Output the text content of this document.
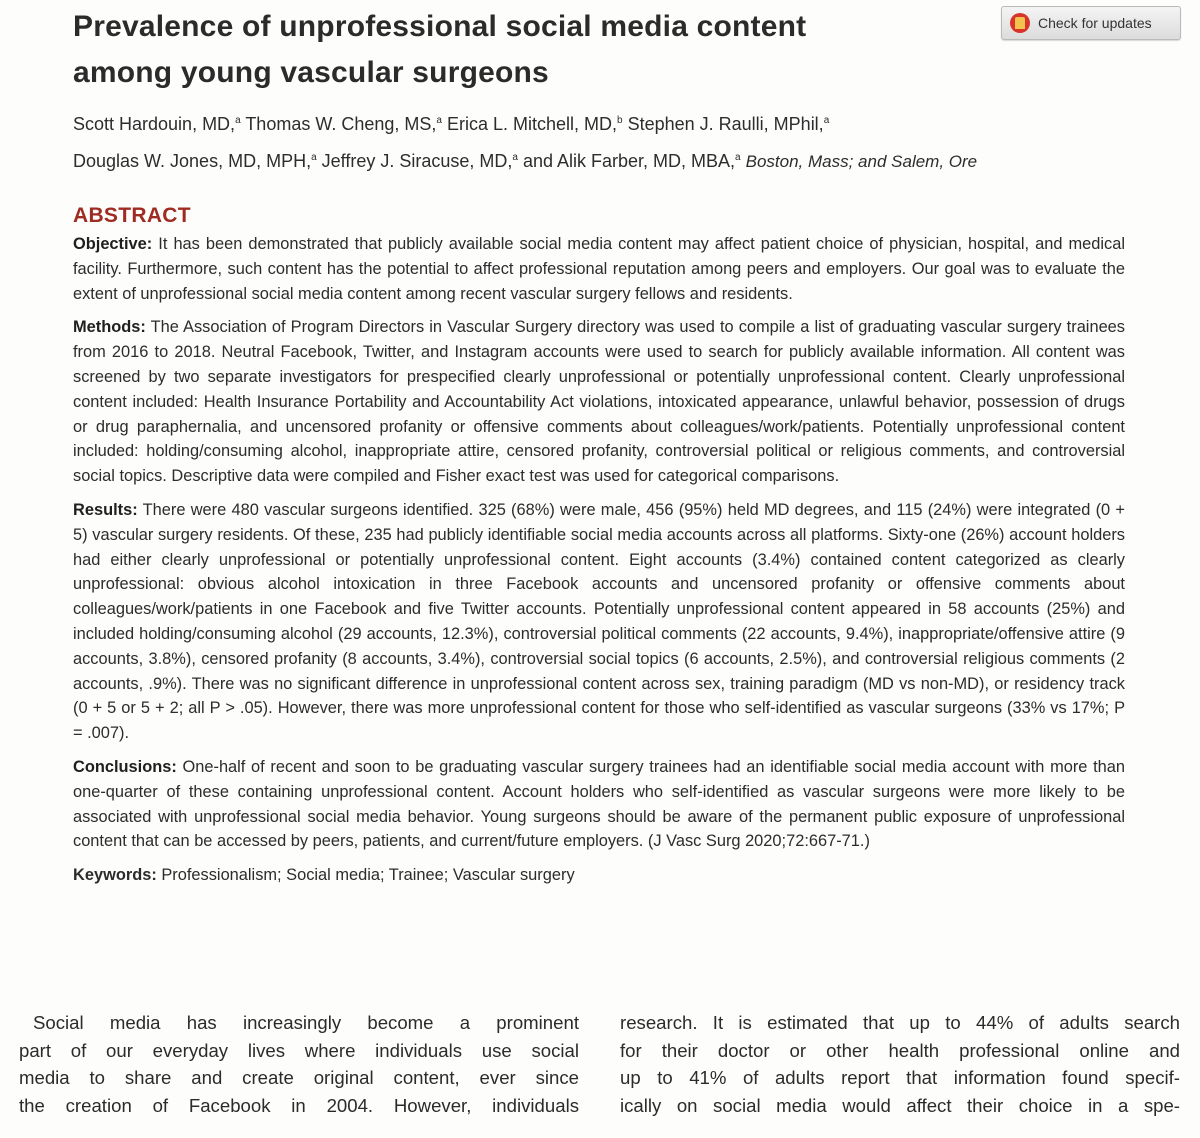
Prevalence of unprofessional social media content
among young vascular surgeons
Check for updates
Scott Hardouin, MD,$^a$ Thomas W. Cheng, MS,$^a$ Erica L. Mitchell, MD,$^b$ Stephen J. Raulli, MPhil,$^a$
Douglas W. Jones, MD, MPH,$^a$ Jeffrey J. Siracuse, MD,$^a$ and Alik Farber, MD, MBA,$^a$ Boston, Mass; and Salem, Ore
ABSTRACT

Objective: It has been demonstrated that publicly available social media content may affect patient choice of physician, hospital, and medical facility. Furthermore, such content has the potential to affect professional reputation among peers and employers. Our goal was to evaluate the extent of unprofessional social media content among recent vascular surgery fellows and residents.

Methods: The Association of Program Directors in Vascular Surgery directory was used to compile a list of graduating vascular surgery trainees from 2016 to 2018. Neutral Facebook, Twitter, and Instagram accounts were used to search for publicly available information. All content was screened by two separate investigators for prespecified clearly unprofessional or potentially unprofessional content. Clearly unprofessional content included: Health Insurance Portability and Accountability Act violations, intoxicated appearance, unlawful behavior, possession of drugs or drug paraphernalia, and uncensored profanity or offensive comments about colleagues/work/patients. Potentially unprofessional content included: holding/consuming alcohol, inappropriate attire, censored profanity, controversial political or religious comments, and controversial social topics. Descriptive data were compiled and Fisher exact test was used for categorical comparisons.

Results: There were 480 vascular surgeons identified. 325 (68%) were male, 456 (95%) held MD degrees, and 115 (24%) were integrated (0 + 5) vascular surgery residents. Of these, 235 had publicly identifiable social media accounts across all platforms. Sixty-one (26%) account holders had either clearly unprofessional or potentially unprofessional content. Eight accounts (3.4%) contained content categorized as clearly unprofessional: obvious alcohol intoxication in three Facebook accounts and uncensored profanity or offensive comments about colleagues/work/patients in one Facebook and five Twitter accounts. Potentially unprofessional content appeared in 58 accounts (25%) and included holding/consuming alcohol (29 accounts, 12.3%), controversial political comments (22 accounts, 9.4%), inappropriate/offensive attire (9 accounts, 3.8%), censored profanity (8 accounts, 3.4%), controversial social topics (6 accounts, 2.5%), and controversial religious comments (2 accounts, .9%). There was no significant difference in unprofessional content across sex, training paradigm (MD vs non-MD), or residency track (0 + 5 or 5 + 2; all P > .05). However, there was more unprofessional content for those who self-identified as vascular surgeons (33% vs 17%; P = .007).

Conclusions: One-half of recent and soon to be graduating vascular surgery trainees had an identifiable social media account with more than one-quarter of these containing unprofessional content. Account holders who self-identified as vascular surgeons were more likely to be associated with unprofessional social media behavior. Young surgeons should be aware of the permanent public exposure of unprofessional content that can be accessed by peers, patients, and current/future employers. (J Vasc Surg 2020;72:667-71.)

Keywords: Professionalism; Social media; Trainee; Vascular surgery

Social media has increasingly become a prominent
part of our everyday lives where individuals use social
media to share and create original content, ever since
the creation of Facebook in 2004. However, individuals
research. It is estimated that up to 44% of adults search
for their doctor or other health professional online and
up to 41% of adults report that information found specif-
ically on social media would affect their choice in a spe-
